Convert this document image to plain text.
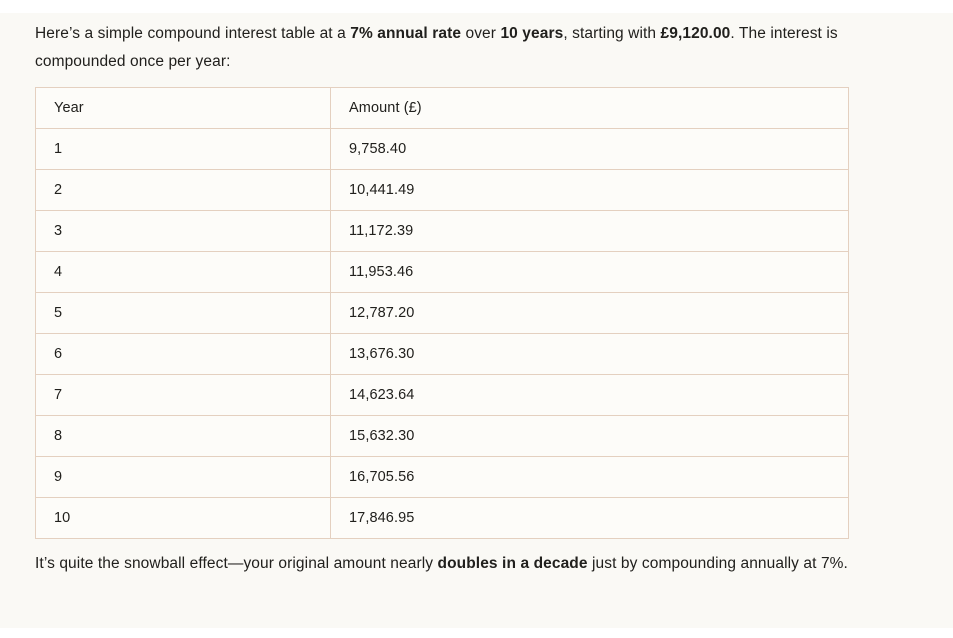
Here’s a simple compound interest table at a 7% annual rate over 10 years, starting with £9,120.00. The interest is compounded once per year:

Year	Amount (£)
1	9,758.40
2	10,441.49
3	11,172.39
4	11,953.46
5	12,787.20
6	13,676.30
7	14,623.64
8	15,632.30
9	16,705.56
10	17,846.95

It’s quite the snowball effect—your original amount nearly doubles in a decade just by compounding annually at 7%.
